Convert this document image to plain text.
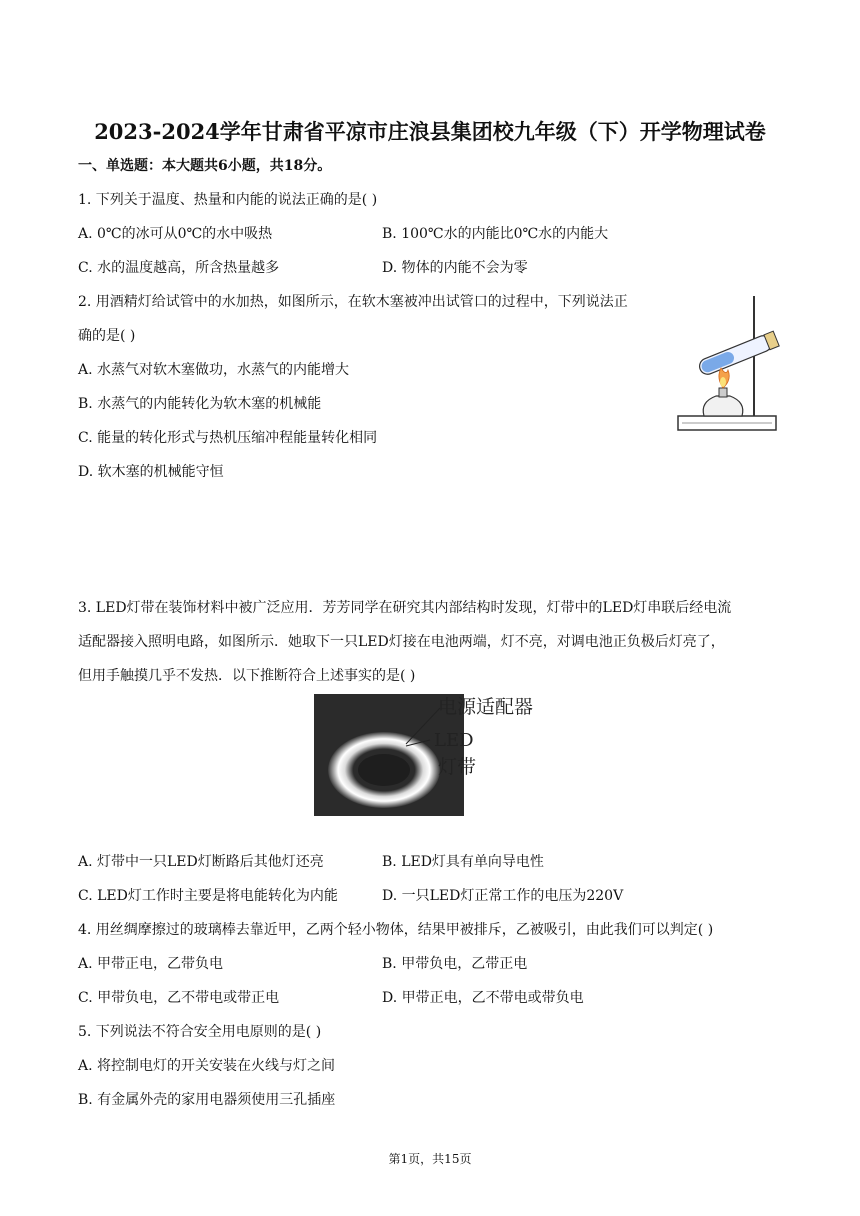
2023-2024学年甘肃省平凉市庄浪县集团校九年级（下）开学物理试卷
一、单选题：本大题共6小题，共18分。
1. 下列关于温度、热量和内能的说法正确的是( )
A. 0℃的冰可从0℃的水中吸热	B. 100℃水的内能比0℃水的内能大
C. 水的温度越高，所含热量越多	D. 物体的内能不会为零
2. 用酒精灯给试管中的水加热，如图所示，在软木塞被冲出试管口的过程中，下列说法正
确的是( )
A. 水蒸气对软木塞做功，水蒸气的内能增大
B. 水蒸气的内能转化为软木塞的机械能
C. 能量的转化形式与热机压缩冲程能量转化相同
D. 软木塞的机械能守恒
3. LED灯带在装饰材料中被广泛应用．芳芳同学在研究其内部结构时发现，灯带中的LED灯串联后经电流
适配器接入照明电路，如图所示．她取下一只LED灯接在电池两端，灯不亮，对调电池正负极后灯亮了，
但用手触摸几乎不发热．以下推断符合上述事实的是( )
电源适配器
LED
灯带
A. 灯带中一只LED灯断路后其他灯还亮	B. LED灯具有单向导电性
C. LED灯工作时主要是将电能转化为内能	D. 一只LED灯正常工作的电压为220V
4. 用丝绸摩擦过的玻璃棒去靠近甲，乙两个轻小物体，结果甲被排斥，乙被吸引，由此我们可以判定( )
A. 甲带正电，乙带负电	B. 甲带负电，乙带正电
C. 甲带负电，乙不带电或带正电	D. 甲带正电，乙不带电或带负电
5. 下列说法不符合安全用电原则的是( )
A. 将控制电灯的开关安装在火线与灯之间
B. 有金属外壳的家用电器须使用三孔插座
第1页，共15页
